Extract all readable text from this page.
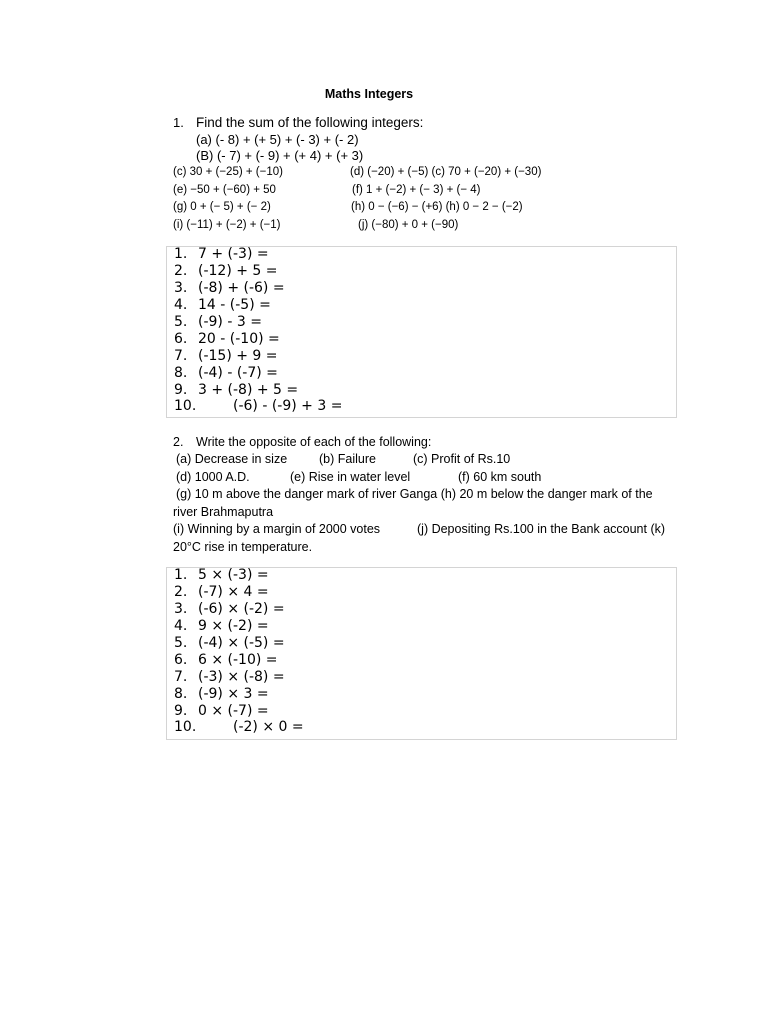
Maths Integers
1. Find the sum of the following integers:
(a) (- 8) + (+ 5) + (- 3) + (- 2)
(B) (- 7) + (- 9) + (+ 4) + (+ 3)
(c) 30 + (−25) + (−10)	(d) (−20) + (−5) (c) 70 + (−20) + (−30)
(e) −50 + (−60) + 50	(f) 1 + (−2) + (− 3) + (− 4)
(g) 0 + (− 5) + (− 2)	(h) 0 − (−6) − (+6) (h) 0 − 2 − (−2)
(i) (−11) + (−2) + (−1)	(j) (−80) + 0 + (−90)
1. 7 + (-3) =
2. (-12) + 5 =
3. (-8) + (-6) =
4. 14 - (-5) =
5. (-9) - 3 =
6. 20 - (-10) =
7. (-15) + 9 =
8. (-4) - (-7) =
9. 3 + (-8) + 5 =
10.	(-6) - (-9) + 3 =
2. Write the opposite of each of the following:
(a) Decrease in size	(b) Failure	(c) Profit of Rs.10
(d) 1000 A.D.	(e) Rise in water level	(f) 60 km south
(g) 10 m above the danger mark of river Ganga (h) 20 m below the danger mark of the
river Brahmaputra
(i) Winning by a margin of 2000 votes	(j) Depositing Rs.100 in the Bank account (k)
20°C rise in temperature.
1. 5 × (-3) =
2. (-7) × 4 =
3. (-6) × (-2) =
4. 9 × (-2) =
5. (-4) × (-5) =
6. 6 × (-10) =
7. (-3) × (-8) =
8. (-9) × 3 =
9. 0 × (-7) =
10.	(-2) × 0 =
